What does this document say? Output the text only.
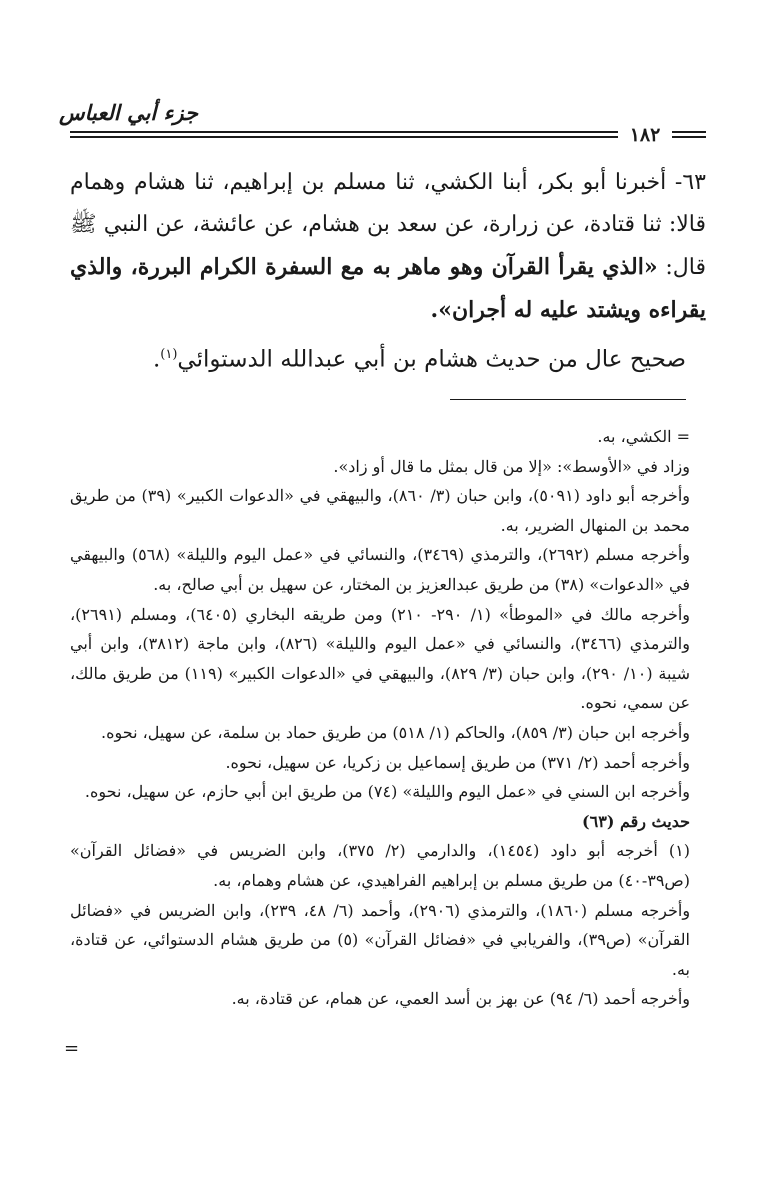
جزء أبي العباس
١٨٢

٦٣- أخبرنا أبو بكر، أبنا الكشي، ثنا مسلم بن إبراهيم، ثنا هشام وهمام قالا: ثنا قتادة، عن زرارة، عن سعد بن هشام، عن عائشة، عن النبي ﷺ قال: «الذي يقرأ القرآن وهو ماهر به مع السفرة الكرام البررة، والذي يقراءه ويشتد عليه له أجران».

صحيح عال من حديث هشام بن أبي عبدالله الدستوائي$^{(١)}$.

= الكشي، به.

وزاد في «الأوسط»: «إلا من قال بمثل ما قال أو زاد».

وأخرجه أبو داود (٥٠٩١)، وابن حبان (٣/ ٨٦٠)، والبيهقي في «الدعوات الكبير» (٣٩) من طريق محمد بن المنهال الضرير، به.

وأخرجه مسلم (٢٦٩٢)، والترمذي (٣٤٦٩)، والنسائي في «عمل اليوم والليلة» (٥٦٨) والبيهقي في «الدعوات» (٣٨) من طريق عبدالعزيز بن المختار، عن سهيل بن أبي صالح، به.

وأخرجه مالك في «الموطأ» (١/ ٢٩٠- ٢١٠) ومن طريقه البخاري (٦٤٠٥)، ومسلم (٢٦٩١)، والترمذي (٣٤٦٦)، والنسائي في «عمل اليوم والليلة» (٨٢٦)، وابن ماجة (٣٨١٢)، وابن أبي شيبة (١٠/ ٢٩٠)، وابن حبان (٣/ ٨٢٩)، والبيهقي في «الدعوات الكبير» (١١٩) من طريق مالك، عن سمي، نحوه.

وأخرجه ابن حبان (٣/ ٨٥٩)، والحاكم (١/ ٥١٨) من طريق حماد بن سلمة، عن سهيل، نحوه.

وأخرجه أحمد (٢/ ٣٧١) من طريق إسماعيل بن زكريا، عن سهيل، نحوه.

وأخرجه ابن السني في «عمل اليوم والليلة» (٧٤) من طريق ابن أبي حازم، عن سهيل، نحوه.

حديث رقم (٦٣)

(١) أخرجه أبو داود (١٤٥٤)، والدارمي (٢/ ٣٧٥)، وابن الضريس في «فضائل القرآن» (ص٣٩-٤٠) من طريق مسلم بن إبراهيم الفراهيدي، عن هشام وهمام، به.

وأخرجه مسلم (١٨٦٠)، والترمذي (٢٩٠٦)، وأحمد (٦/ ٤٨، ٢٣٩)، وابن الضريس في «فضائل القرآن» (ص٣٩)، والفريابي في «فضائل القرآن» (٥) من طريق هشام الدستوائي، عن قتادة، به.

وأخرجه أحمد (٦/ ٩٤) عن بهز بن أسد العمي، عن همام، عن قتادة، به.

=
